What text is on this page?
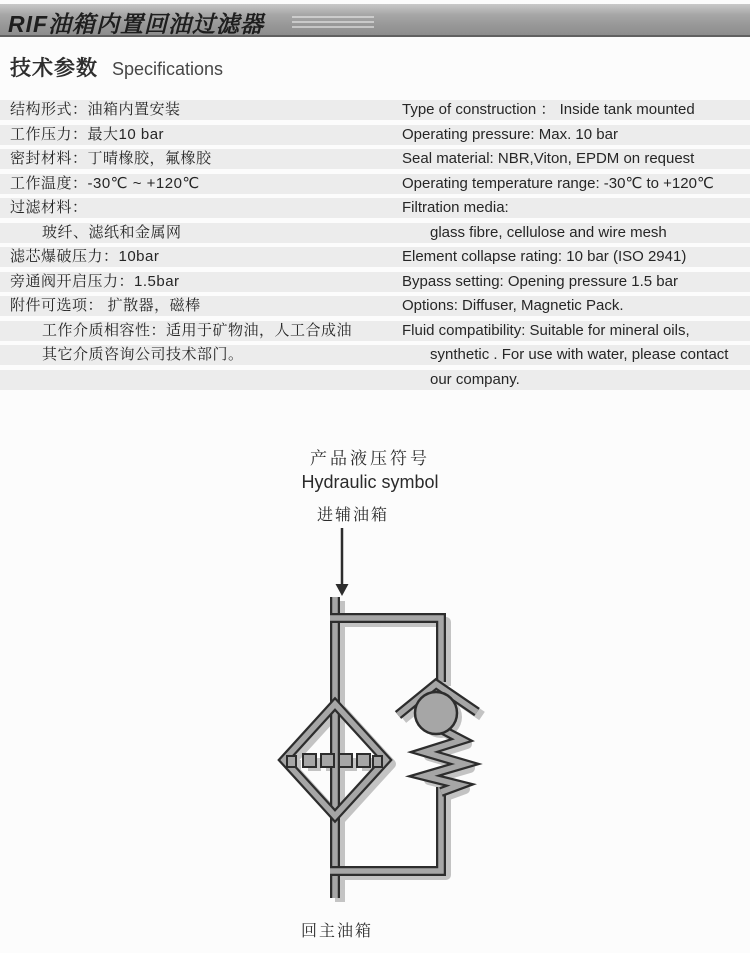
RIF油箱内置回油过滤器
技术参数 Specifications
结构形式：油箱内置安装	Type of construction ： Inside tank mounted
工作压力：最大10 bar	Operating pressure: Max. 10 bar
密封材料：丁晴橡胶，氟橡胶	Seal material: NBR,Viton, EPDM on request
工作温度：-30℃ ~ +120℃	Operating temperature range: -30℃ to +120℃
过滤材料：	Filtration media:
玻纤、滤纸和金属网	glass fibre, cellulose and wire mesh
滤芯爆破压力：10bar	Element collapse rating: 10 bar (ISO 2941)
旁通阀开启压力：1.5bar	Bypass setting: Opening pressure 1.5 bar
附件可选项： 扩散器，磁棒	Options: Diffuser, Magnetic Pack.
工作介质相容性：适用于矿物油，人工合成油	Fluid compatibility: Suitable for mineral oils,
其它介质咨询公司技术部门。	synthetic . For use with water, please contact
our company.
产品液压符号
Hydraulic symbol
进辅油箱
回主油箱
